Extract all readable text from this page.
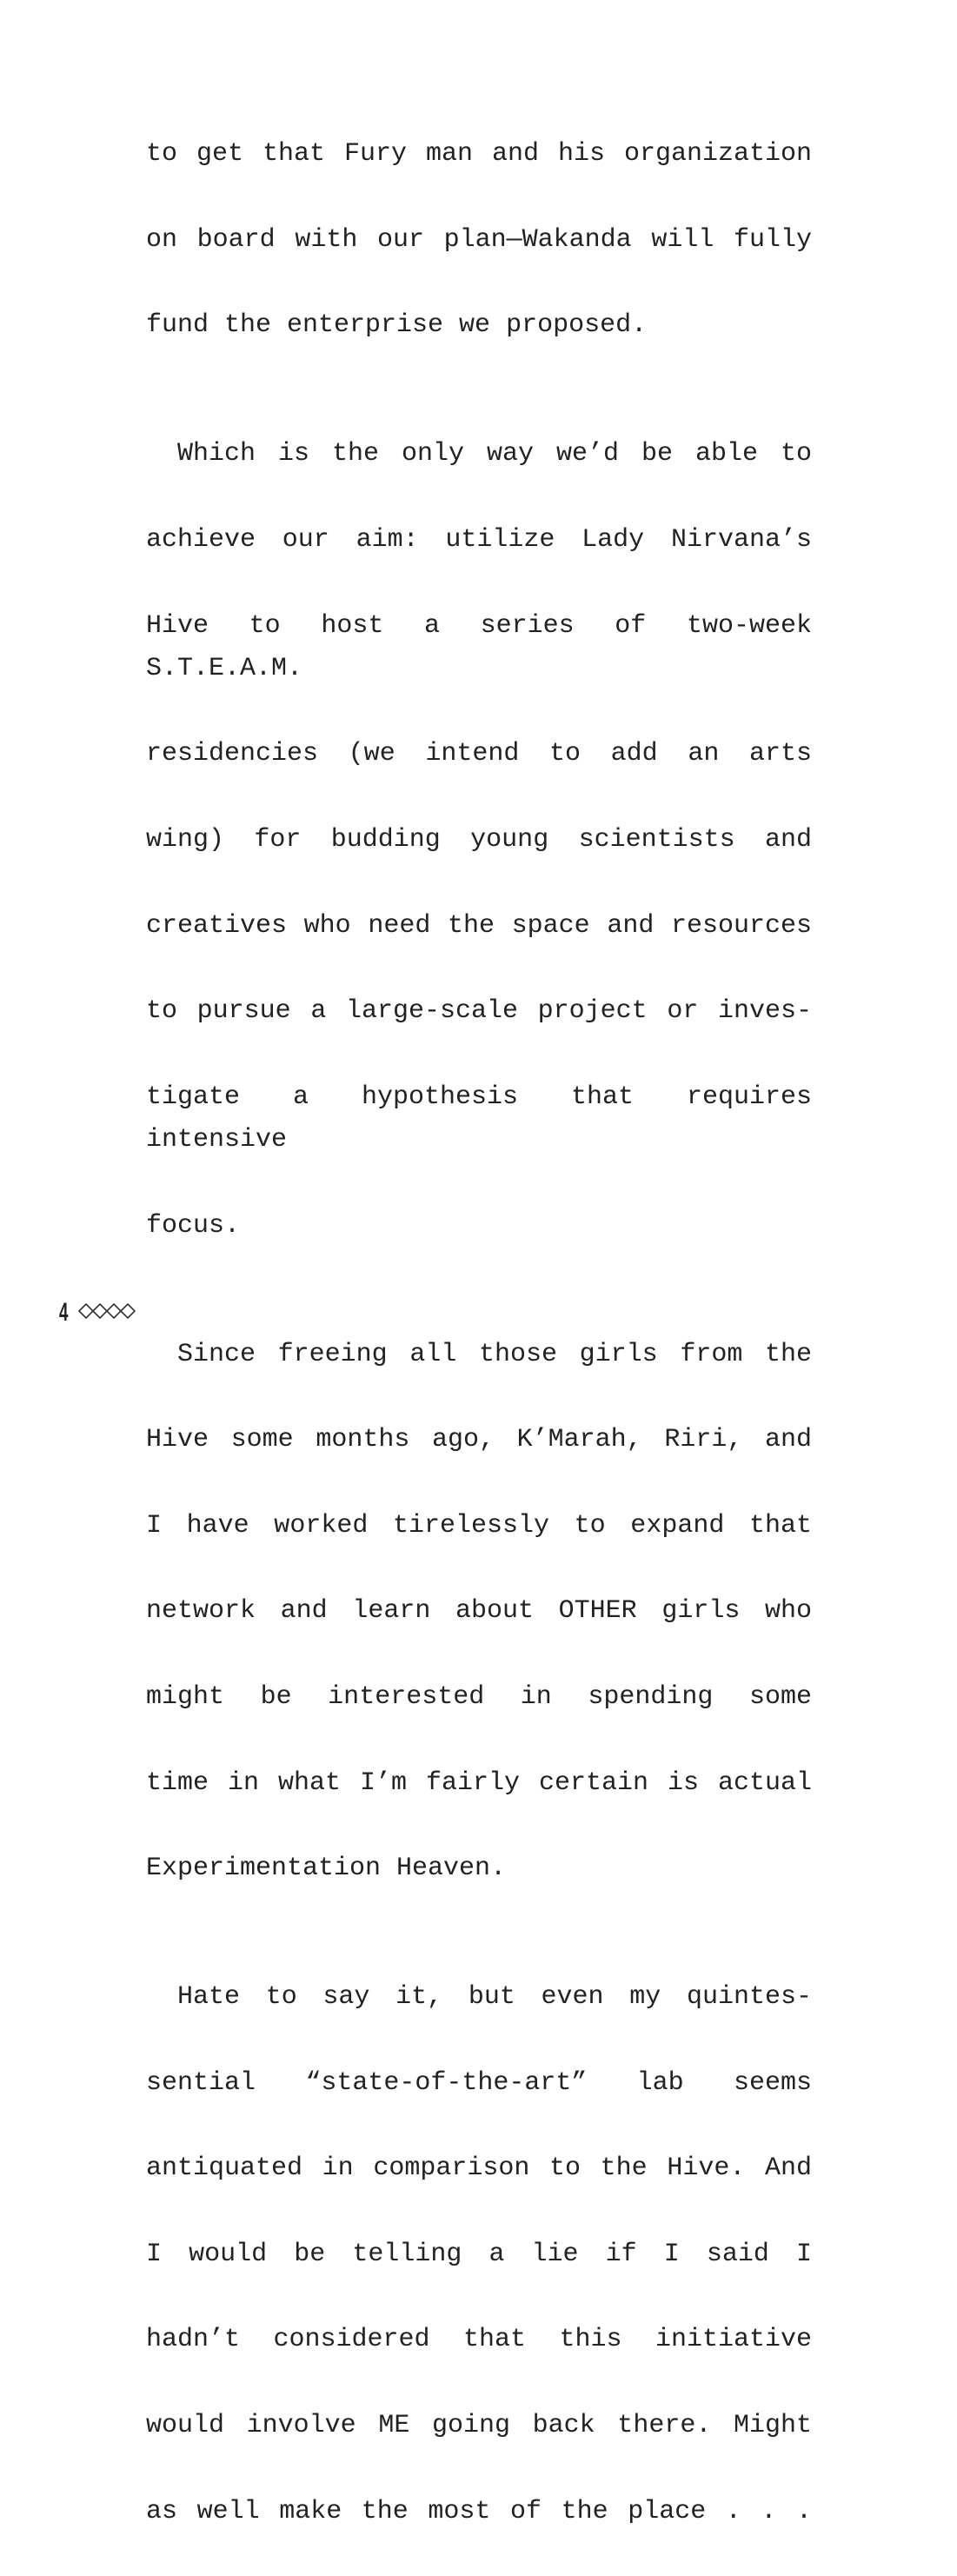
to get that Fury man and his organization

on board with our plan—Wakanda will fully

fund the enterprise we proposed.

Which is the only way we’d be able to

achieve our aim: utilize Lady Nirvana’s

Hive to host a series of two-week S.T.E.A.M.

residencies (we intend to add an arts

wing) for budding young scientists and

creatives who need the space and resources

to pursue a large-scale project or inves-

tigate a hypothesis that requires intensive

focus.

Since freeing all those girls from the

Hive some months ago, K’Marah, Riri, and

I have worked tirelessly to expand that

network and learn about OTHER girls who

might be interested in spending some

time in what I’m fairly certain is actual

Experimentation Heaven.

Hate to say it, but even my quintes-

sential “state-of-the-art” lab seems

antiquated in comparison to the Hive. And

I would be telling a lie if I said I

hadn’t considered that this initiative

would involve ME going back there. Might

as well make the most of the place . . .

4
